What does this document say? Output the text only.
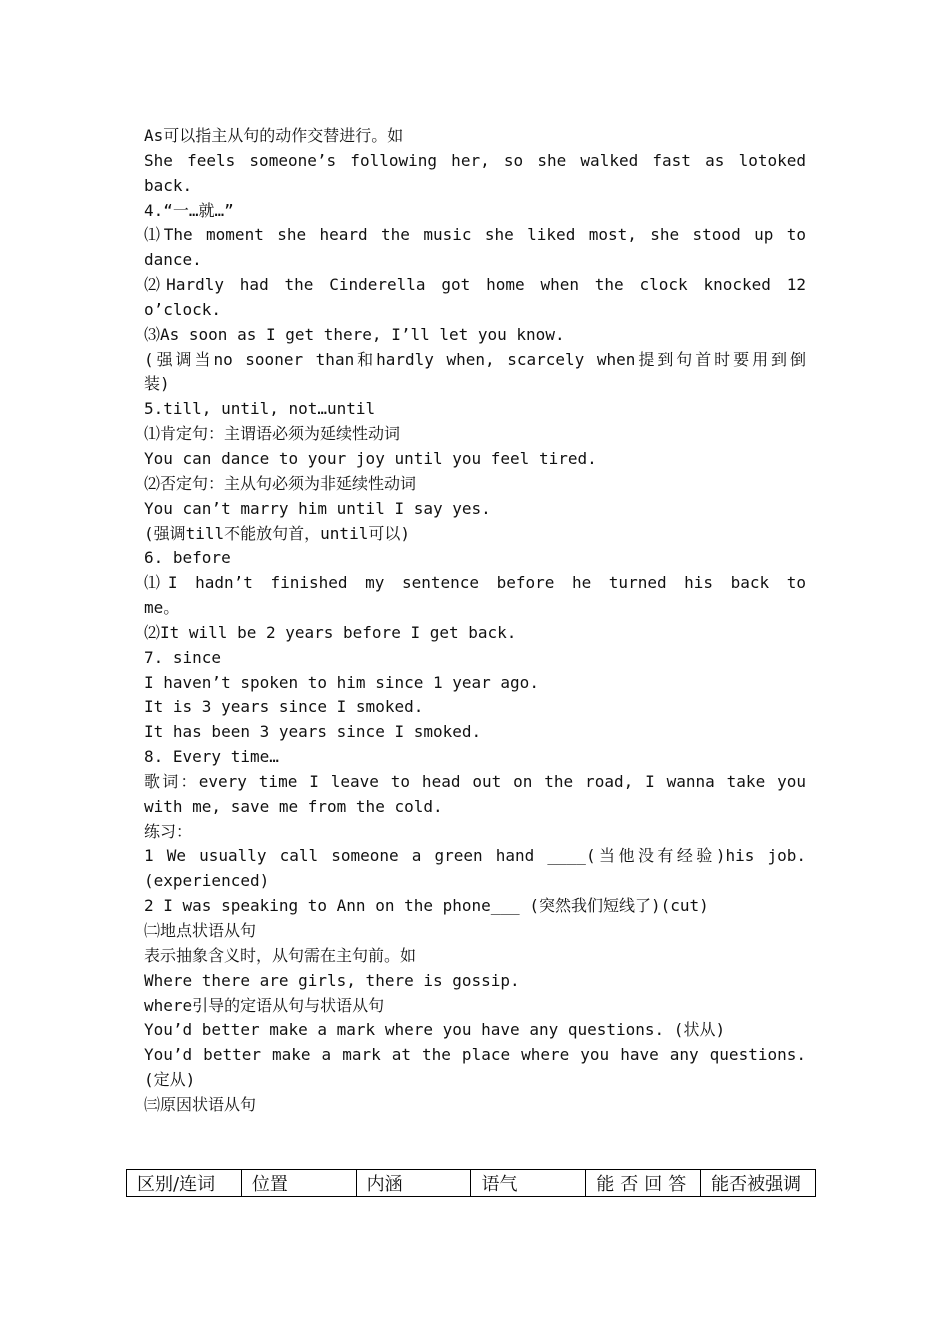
As可以指主从句的动作交替进行。如
She feels someone’s following her, so she walked fast as lotoked
back.
4.“一…就…”
⑴The moment she heard the music she liked most, she stood up to
dance.
⑵Hardly had the Cinderella got home when the clock knocked 12
o’clock.
⑶As soon as I get there, I’ll let you know.
(强调当no sooner than和hardly when, scarcely when提到句首时要用到倒
装)
5.till, until, not…until
⑴肯定句：主谓语必须为延续性动词
You can dance to your joy until you feel tired.
⑵否定句：主从句必须为非延续性动词
You can’t marry him until I say yes.
(强调till不能放句首，until可以)
6. before
⑴I hadn’t finished my sentence before he turned his back to
me。
⑵It will be 2 years before I get back.
7. since
I haven’t spoken to him since 1 year ago.
It is 3 years since I smoked.
It has been 3 years since I smoked.
8. Every time…
歌词：every time I leave to head out on the road, I wanna take you
with me, save me from the cold.
练习：
1 We usually call someone a green hand ____(当他没有经验)his job.
(experienced)
2 I was speaking to Ann on the phone___ (突然我们短线了)(cut)
㈡地点状语从句
表示抽象含义时，从句需在主句前。如
Where there are girls, there is gossip.
where引导的定语从句与状语从句
You’d better make a mark where you have any questions. (状从)
You’d better make a mark at the place where you have any questions.
(定从)
㈢原因状语从句
区别/连词	位置	内涵	语气	能否回答	能否被强调
